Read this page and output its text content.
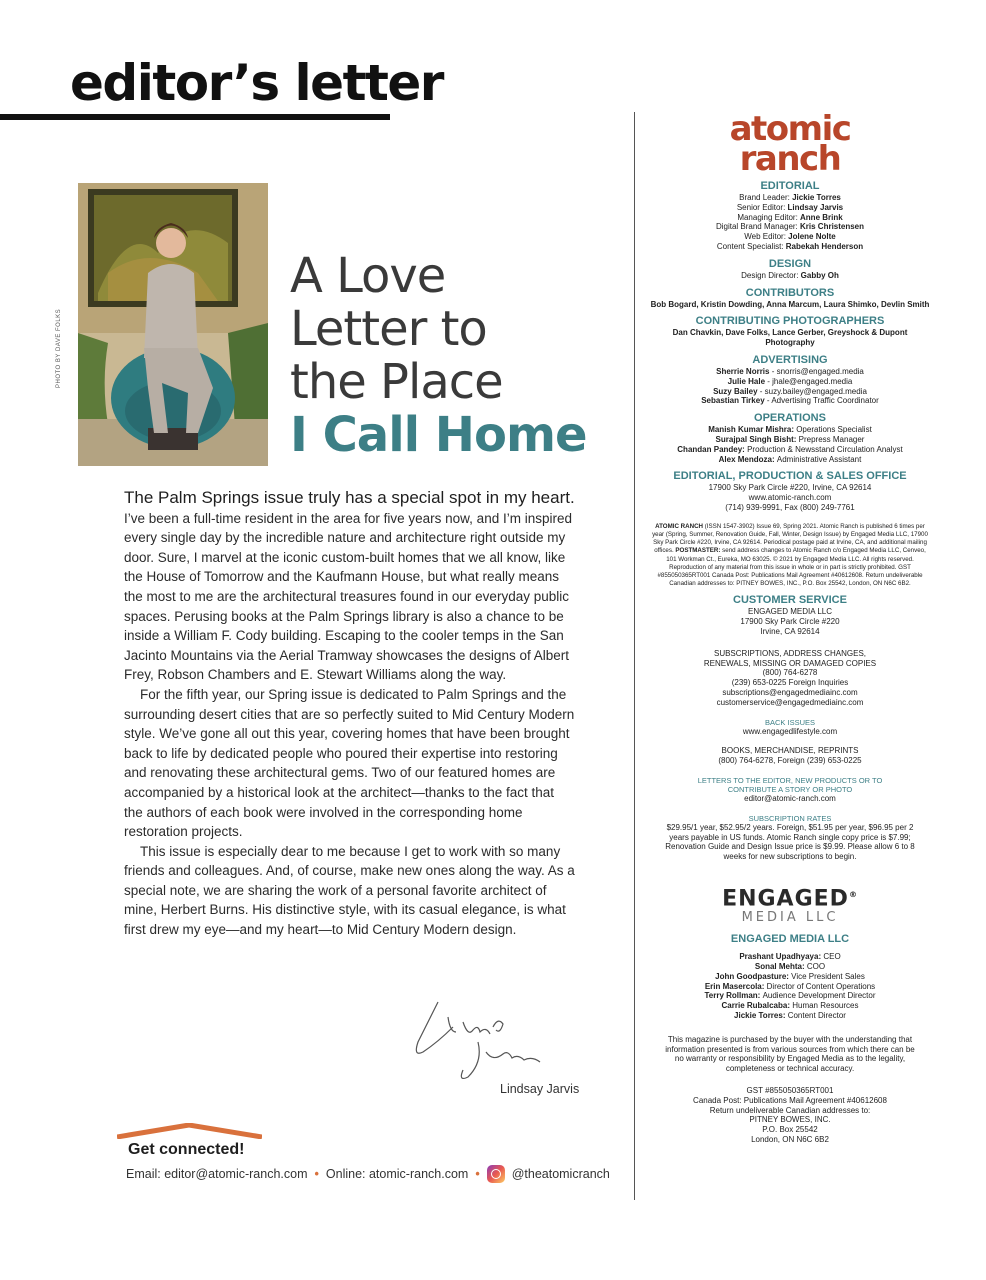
editor’s letter
PHOTO BY DAVE FOLKS
A Love
Letter to
the Place
I Call Home

The Palm Springs issue truly has a special spot in my heart. I’ve been a full-time resident in the area for five years now, and I’m inspired every single day by the incredible nature and architecture right outside my door. Sure, I marvel at the iconic custom-built homes that we all know, like the House of Tomorrow and the Kaufmann House, but what really means the most to me are the architectural treasures found in our everyday public spaces. Perusing books at the Palm Springs library is also a chance to be inside a William F. Cody building. Escaping to the cooler temps in the San Jacinto Mountains via the Aerial Tramway showcases the designs of Albert Frey, Robson Chambers and E. Stewart Williams along the way.

For the fifth year, our Spring issue is dedicated to Palm Springs and the surrounding desert cities that are so perfectly suited to Mid Century Modern style. We’ve gone all out this year, covering homes that have been brought back to life by dedicated people who poured their expertise into restoring and renovating these architectural gems. Two of our featured homes are accompanied by a historical look at the architect—thanks to the fact that the authors of each book were involved in the corresponding home restoration projects.

This issue is especially dear to me because I get to work with so many friends and colleagues. And, of course, make new ones along the way. As a special note, we are sharing the work of a personal favorite architect of mine, Herbert Burns. His distinctive style, with its casual elegance, is what first drew my eye—and my heart—to Mid Century Modern design.

Lindsay Jarvis
Get connected!
Email: editor@atomic-ranch.com • Online: atomic-ranch.com •	@theatomicranch
atomic
ranch
EDITORIAL
Brand Leader: Jickie Torres
Senior Editor: Lindsay Jarvis
Managing Editor: Anne Brink
Digital Brand Manager: Kris Christensen
Web Editor: Jolene Nolte
Content Specialist: Rabekah Henderson
DESIGN
Design Director: Gabby Oh
CONTRIBUTORS
Bob Bogard, Kristin Dowding, Anna Marcum, Laura Shimko, Devlin Smith
CONTRIBUTING PHOTOGRAPHERS
Dan Chavkin, Dave Folks, Lance Gerber, Greyshock & Dupont Photography
ADVERTISING
Sherrie Norris - snorris@engaged.media
Julie Hale - jhale@engaged.media
Suzy Bailey - suzy.bailey@engaged.media
Sebastian Tirkey - Advertising Traffic Coordinator
OPERATIONS
Manish Kumar Mishra: Operations Specialist
Surajpal Singh Bisht: Prepress Manager
Chandan Pandey: Production & Newsstand Circulation Analyst
Alex Mendoza: Administrative Assistant
EDITORIAL, PRODUCTION & SALES OFFICE
17900 Sky Park Circle #220, Irvine, CA 92614
www.atomic-ranch.com
(714) 939-9991, Fax (800) 249-7761
ATOMIC RANCH (ISSN 1547-3902) Issue 69, Spring 2021. Atomic Ranch is published 6 times per year (Spring, Summer, Renovation Guide, Fall, Winter, Design Issue) by Engaged Media LLC, 17900 Sky Park Circle #220, Irvine, CA 92614. Periodical postage paid at Irvine, CA, and additional mailing offices. POSTMASTER: send address changes to Atomic Ranch c/o Engaged Media LLC, Cenveo, 101 Workman Ct., Eureka, MO 63025. © 2021 by Engaged Media LLC. All rights reserved. Reproduction of any material from this issue in whole or in part is strictly prohibited. GST #855050365RT001 Canada Post: Publications Mail Agreement #40612608. Return undeliverable Canadian addresses to: PITNEY BOWES, INC., P.O. Box 25542, London, ON N6C 6B2.
CUSTOMER SERVICE
ENGAGED MEDIA LLC
17900 Sky Park Circle #220
Irvine, CA 92614
SUBSCRIPTIONS, ADDRESS CHANGES,
RENEWALS, MISSING OR DAMAGED COPIES
(800) 764-6278
(239) 653-0225 Foreign Inquiries
subscriptions@engagedmediainc.com
customerservice@engagedmediainc.com
BACK ISSUES
www.engagedlifestyle.com
BOOKS, MERCHANDISE, REPRINTS
(800) 764-6278, Foreign (239) 653-0225
LETTERS TO THE EDITOR, NEW PRODUCTS OR TO CONTRIBUTE A STORY OR PHOTO
editor@atomic-ranch.com
SUBSCRIPTION RATES
$29.95/1 year, $52.95/2 years. Foreign, $51.95 per year, $96.95 per 2 years payable in US funds. Atomic Ranch single copy price is $7.99; Renovation Guide and Design Issue price is $9.99. Please allow 6 to 8 weeks for new subscriptions to begin.
ENGAGED®
MEDIA LLC
ENGAGED MEDIA LLC
Prashant Upadhyaya: CEO
Sonal Mehta: COO
John Goodpasture: Vice President Sales
Erin Masercola: Director of Content Operations
Terry Rollman: Audience Development Director
Carrie Rubalcaba: Human Resources
Jickie Torres: Content Director
This magazine is purchased by the buyer with the understanding that information presented is from various sources from which there can be no warranty or responsibility by Engaged Media as to the legality, completeness or technical accuracy.
GST #855050365RT001
Canada Post: Publications Mail Agreement #40612608
Return undeliverable Canadian addresses to:
PITNEY BOWES, INC.
P.O. Box 25542
London, ON N6C 6B2
